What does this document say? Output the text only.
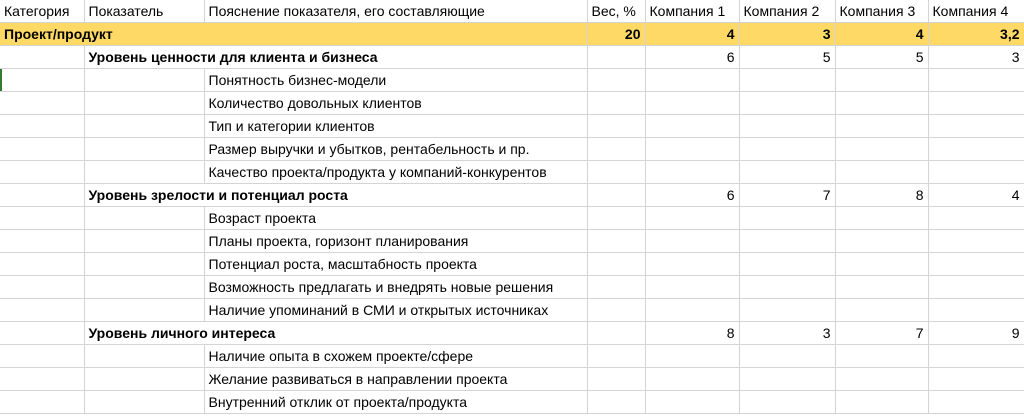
Категория	Показатель	Пояснение показателя, его составляющие	Вес, %	Компания 1	Компания 2	Компания 3	Компания 4
Проект/продукт			20	4	3	4	3,2
	Уровень ценности для клиента и бизнеса			6	5	5	3
		Понятность бизнес-модели					
		Количество довольных клиентов					
		Тип и категории клиентов					
		Размер выручки и убытков, рентабельность и пр.					
		Качество проекта/продукта у компаний-конкурентов					
	Уровень зрелости и потенциал роста			6	7	8	4
		Возраст проекта					
		Планы проекта, горизонт планирования					
		Потенциал роста, масштабность проекта					
		Возможность предлагать и внедрять новые решения					
		Наличие упоминаний в СМИ и открытых источниках					
	Уровень личного интереса			8	3	7	9
		Наличие опыта в схожем проекте/сфере					
		Желание развиваться в направлении проекта					
		Внутренний отклик от проекта/продукта					
